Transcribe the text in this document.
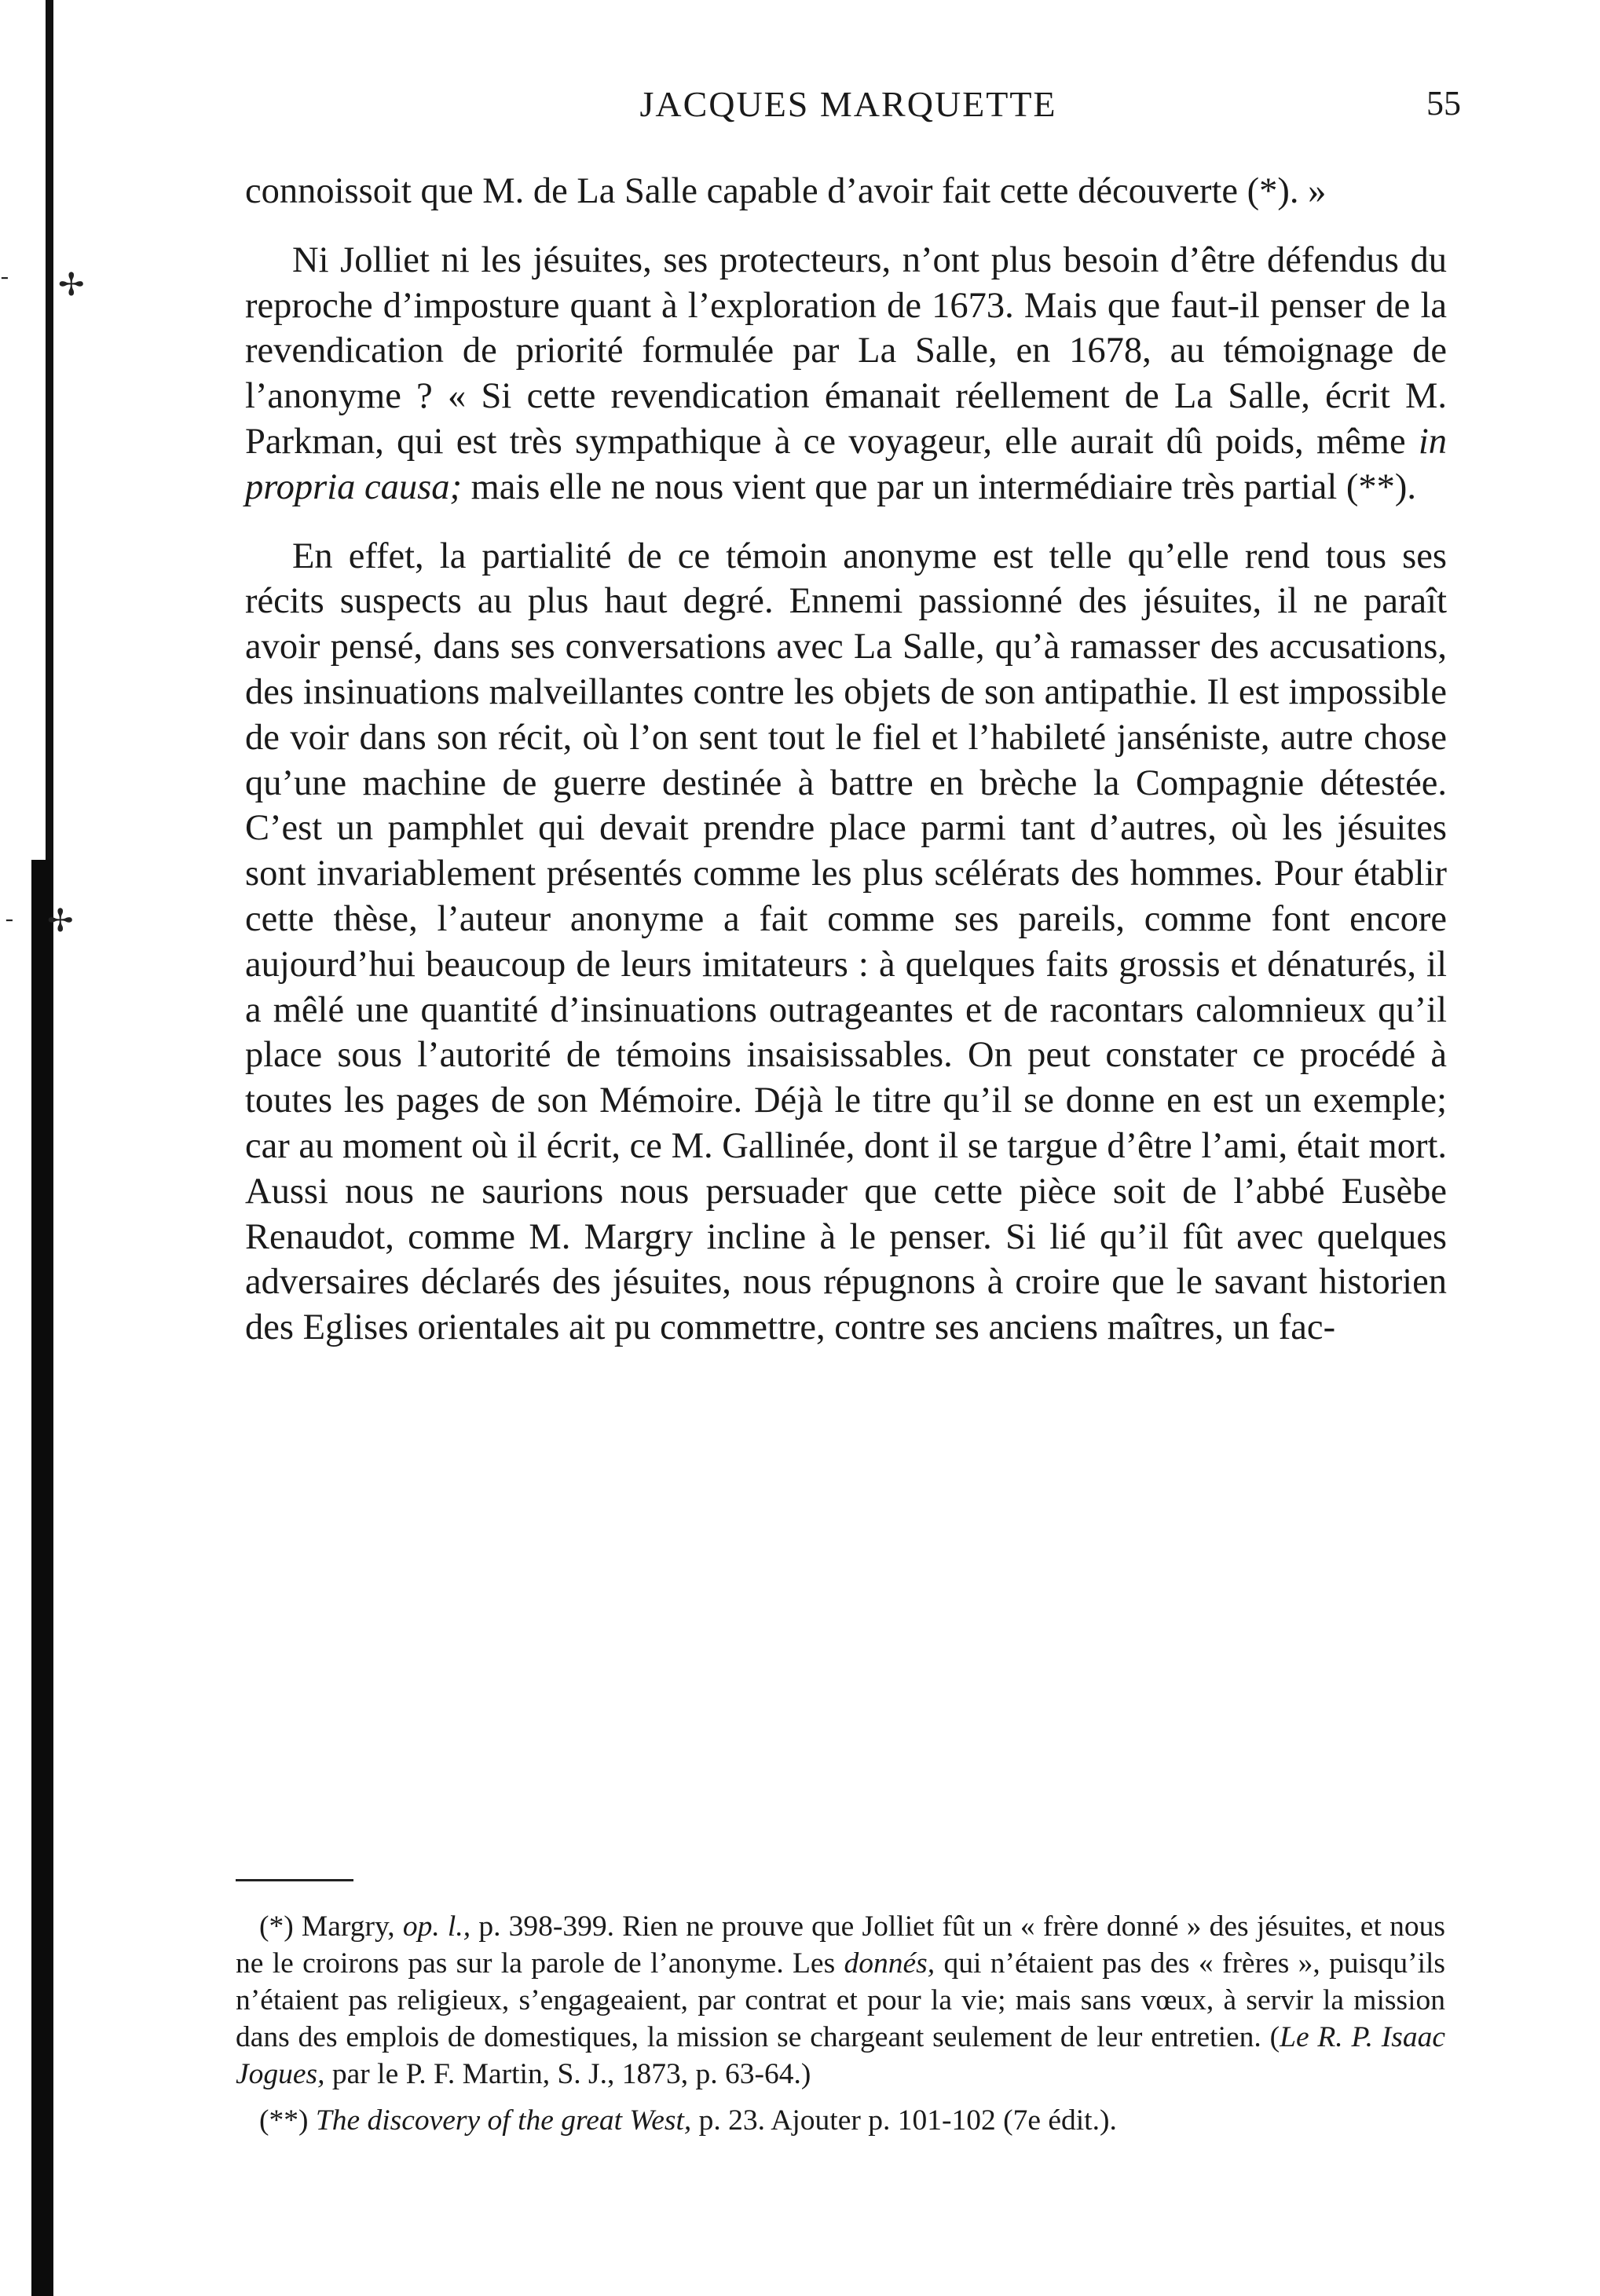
✢
✢
╴
╴
JACQUES MARQUETTE	55

connoissoit que M. de La Salle capable d’avoir fait cette découverte (*). »

Ni Jolliet ni les jésuites, ses protecteurs, n’ont plus besoin d’être défendus du reproche d’imposture quant à l’exploration de 1673. Mais que faut-il penser de la revendication de priorité formulée par La Salle, en 1678, au témoignage de l’anonyme ? « Si cette revendication émanait réellement de La Salle, écrit M. Parkman, qui est très sympathique à ce voyageur, elle aurait dû poids, même in propria causa; mais elle ne nous vient que par un intermédiaire très partial (**).

En effet, la partialité de ce témoin anonyme est telle qu’elle rend tous ses récits suspects au plus haut degré. Ennemi passionné des jésuites, il ne paraît avoir pensé, dans ses conversations avec La Salle, qu’à ramasser des accusations, des insinuations malveillantes contre les objets de son antipathie. Il est impossible de voir dans son récit, où l’on sent tout le fiel et l’habileté janséniste, autre chose qu’une machine de guerre destinée à battre en brèche la Compagnie détestée. C’est un pamphlet qui devait prendre place parmi tant d’autres, où les jésuites sont invariablement présentés comme les plus scélérats des hommes. Pour établir cette thèse, l’auteur anonyme a fait comme ses pareils, comme font encore aujourd’hui beaucoup de leurs imitateurs : à quelques faits grossis et dénaturés, il a mêlé une quantité d’insinuations outrageantes et de racontars calomnieux qu’il place sous l’autorité de témoins insaisissables. On peut constater ce procédé à toutes les pages de son Mémoire. Déjà le titre qu’il se donne en est un exemple; car au moment où il écrit, ce M. Gallinée, dont il se targue d’être l’ami, était mort. Aussi nous ne saurions nous persuader que cette pièce soit de l’abbé Eusèbe Renaudot, comme M. Margry incline à le penser. Si lié qu’il fût avec quelques adversaires déclarés des jésuites, nous répugnons à croire que le savant historien des Eglises orientales ait pu commettre, contre ses anciens maîtres, un fac-

(*) Margry, op. l., p. 398-399. Rien ne prouve que Jolliet fût un « frère donné » des jésuites, et nous ne le croirons pas sur la parole de l’anonyme. Les donnés, qui n’étaient pas des « frères », puisqu’ils n’étaient pas religieux, s’engageaient, par contrat et pour la vie; mais sans vœux, à servir la mission dans des emplois de domestiques, la mission se chargeant seulement de leur entretien. (Le R. P. Isaac Jogues, par le P. F. Martin, S. J., 1873, p. 63-64.)

(**) The discovery of the great West, p. 23. Ajouter p. 101-102 (7e édit.).
